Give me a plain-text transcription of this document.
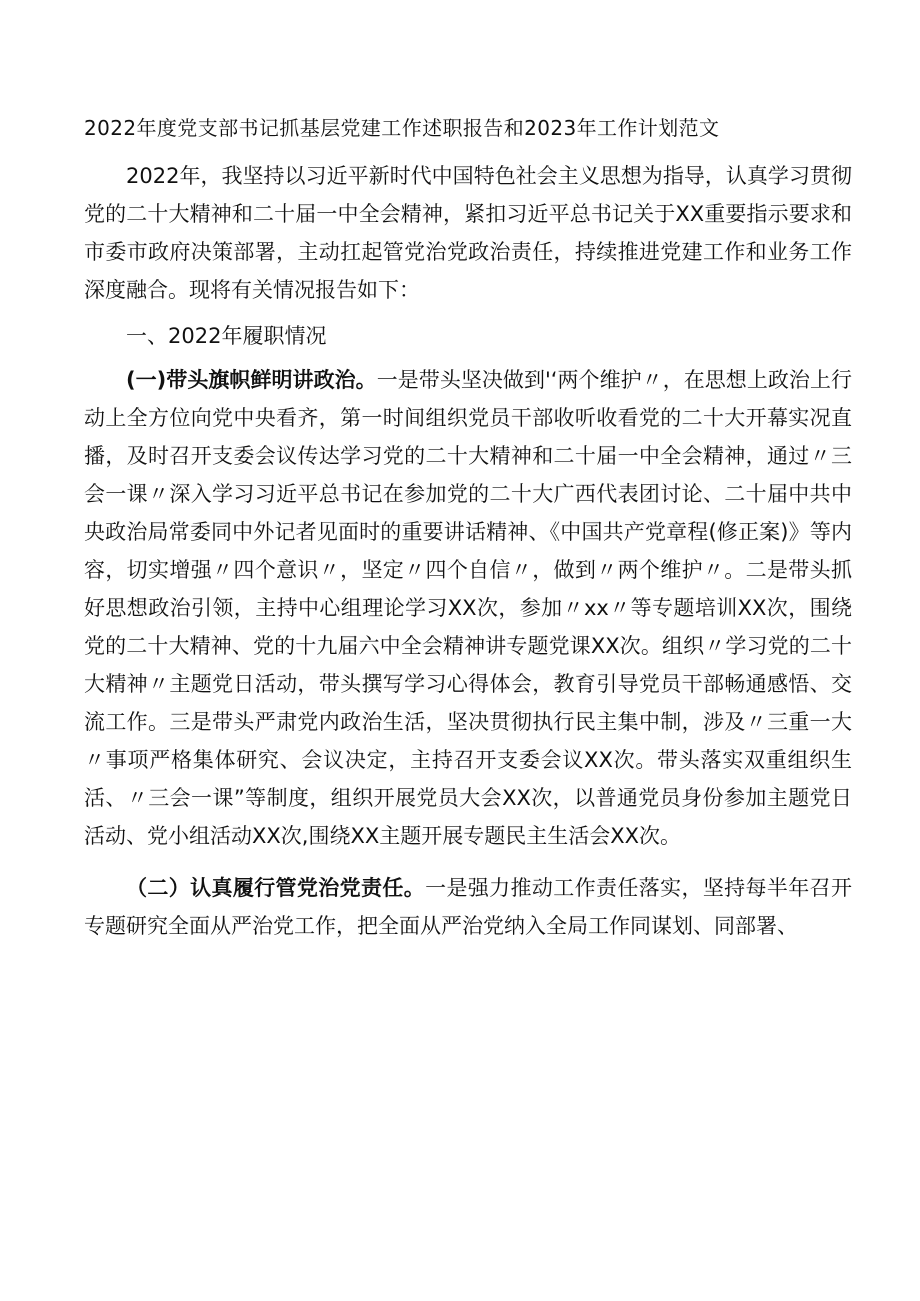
2022年度党支部书记抓基层党建工作述职报告和2023年工作计划范文

2022年，我坚持以习近平新时代中国特色社会主义思想为指导，认真学习贯彻党的二十大精神和二十届一中全会精神，紧扣习近平总书记关于XX重要指示要求和市委市政府决策部署，主动扛起管党治党政治责任，持续推进党建工作和业务工作深度融合。现将有关情况报告如下：

一、2022年履职情况

(一)带头旗帜鲜明讲政治。一是带头坚决做到'‘两个维护〃，在思想上政治上行动上全方位向党中央看齐，第一时间组织党员干部收听收看党的二十大开幕实况直播，及时召开支委会议传达学习党的二十大精神和二十届一中全会精神，通过〃三会一课〃深入学习习近平总书记在参加党的二十大广西代表团讨论、二十届中共中央政治局常委同中外记者见面时的重要讲话精神、《中国共产党章程(修正案)》等内容，切实增强〃四个意识〃，坚定〃四个自信〃，做到〃两个维护〃。二是带头抓好思想政治引领，主持中心组理论学习XX次，参加〃xx〃等专题培训XX次，围绕党的二十大精神、党的十九届六中全会精神讲专题党课XX次。组织〃学习党的二十大精神〃主题党日活动，带头撰写学习心得体会，教育引导党员干部畅通感悟、交流工作。三是带头严肃党内政治生活，坚决贯彻执行民主集中制，涉及〃三重一大〃事项严格集体研究、会议决定，主持召开支委会议XX次。带头落实双重组织生活、〃三会一课”等制度，组织开展党员大会XX次，以普通党员身份参加主题党日活动、党小组活动XX次,围绕XX主题开展专题民主生活会XX次。

（二）认真履行管党治党责任。一是强力推动工作责任落实，坚持每半年召开专题研究全面从严治党工作，把全面从严治党纳入全局工作同谋划、同部署、
